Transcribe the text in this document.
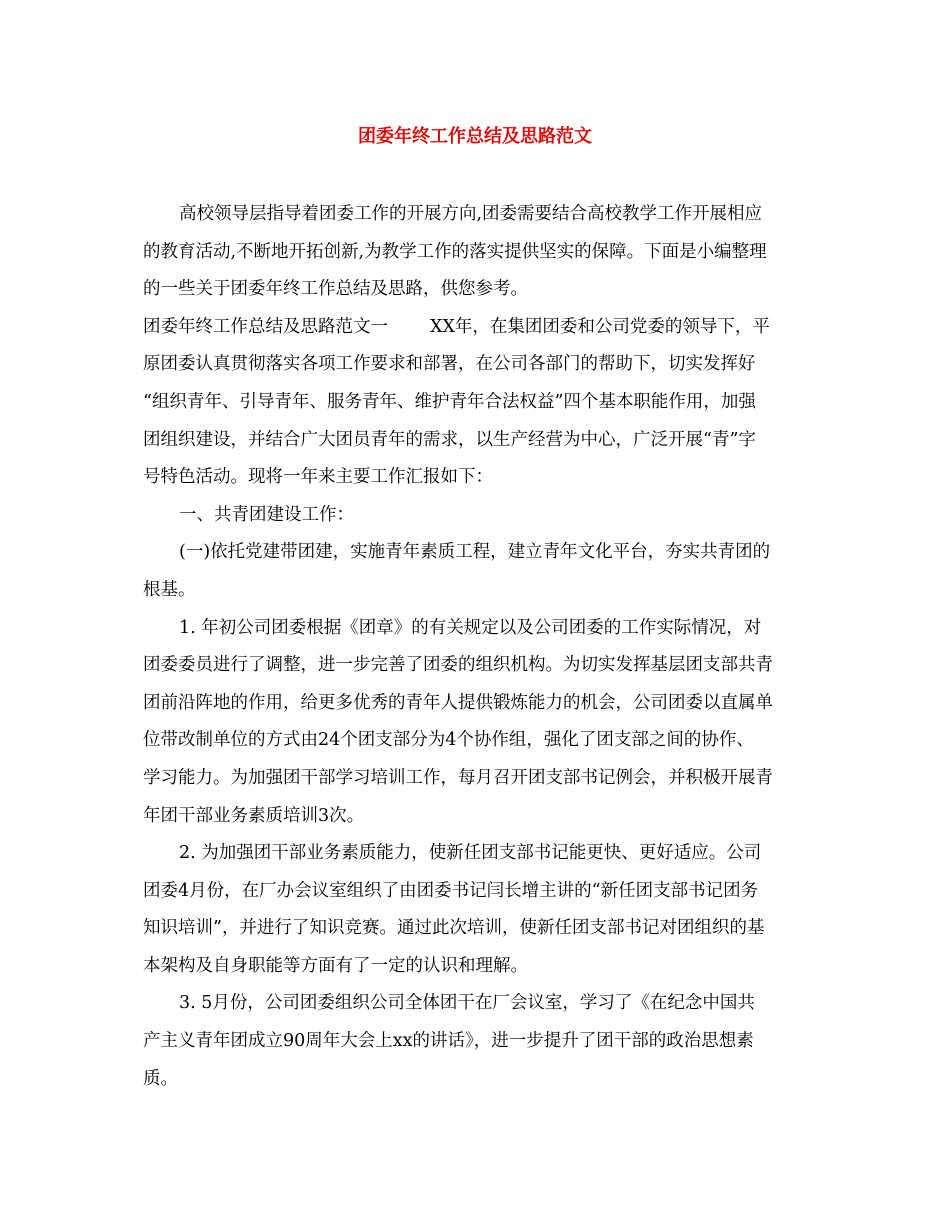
团委年终工作总结及思路范文
高校领导层指导着团委工作的开展方向,团委需要结合高校教学工作开展相应
的教育活动,不断地开拓创新,为教学工作的落实提供坚实的保障。下面是小编整理
的一些关于团委年终工作总结及思路，供您参考。
团委年终工作总结及思路范文一 XX年，在集团团委和公司党委的领导下，平
原团委认真贯彻落实各项工作要求和部署，在公司各部门的帮助下，切实发挥好
“组织青年、引导青年、服务青年、维护青年合法权益”四个基本职能作用，加强
团组织建设，并结合广大团员青年的需求，以生产经营为中心，广泛开展“青”字
号特色活动。现将一年来主要工作汇报如下：
一、共青团建设工作：
(一)依托党建带团建，实施青年素质工程，建立青年文化平台，夯实共青团的
根基。
1. 年初公司团委根据《团章》的有关规定以及公司团委的工作实际情况，对
团委委员进行了调整，进一步完善了团委的组织机构。为切实发挥基层团支部共青
团前沿阵地的作用，给更多优秀的青年人提供锻炼能力的机会，公司团委以直属单
位带改制单位的方式由24个团支部分为4个协作组，强化了团支部之间的协作、
学习能力。为加强团干部学习培训工作，每月召开团支部书记例会，并积极开展青
年团干部业务素质培训3次。
2. 为加强团干部业务素质能力，使新任团支部书记能更快、更好适应。公司
团委4月份，在厂办会议室组织了由团委书记闫长增主讲的“新任团支部书记团务
知识培训”，并进行了知识竞赛。通过此次培训，使新任团支部书记对团组织的基
本架构及自身职能等方面有了一定的认识和理解。
3. 5月份，公司团委组织公司全体团干在厂会议室，学习了《在纪念中国共
产主义青年团成立90周年大会上xx的讲话》，进一步提升了团干部的政治思想素
质。
